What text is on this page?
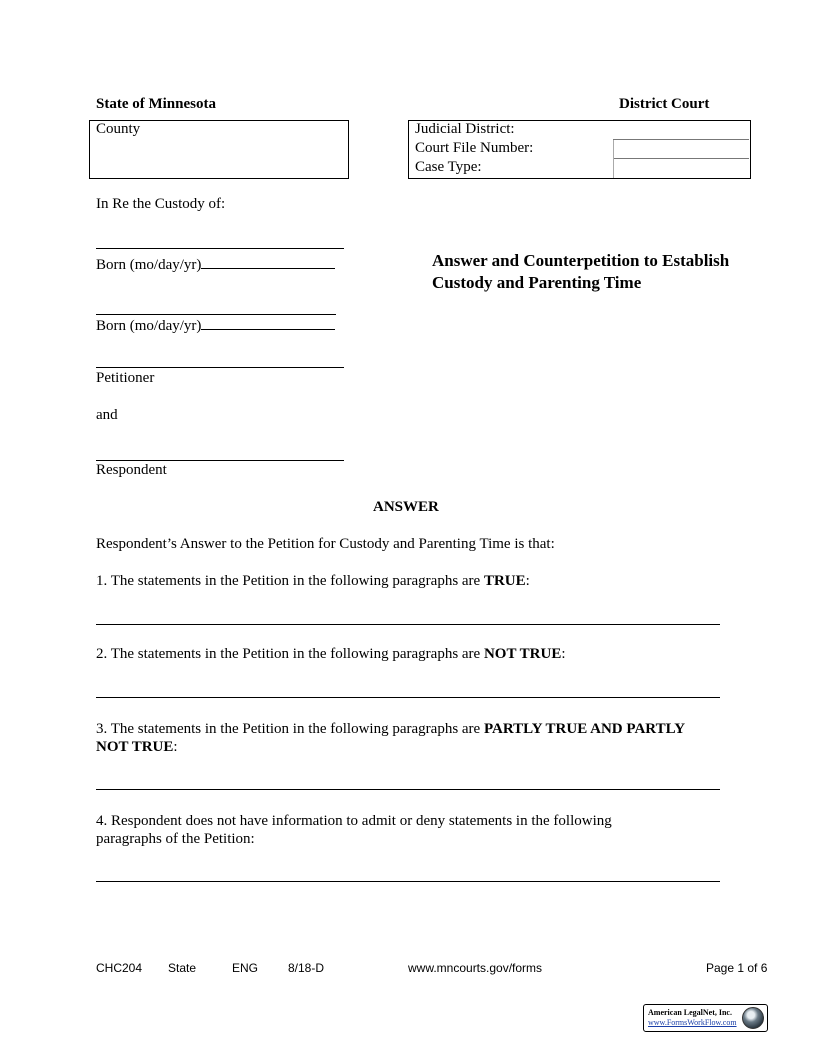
State of Minnesota	District Court
County	Judicial District:
Court File Number:
Case Type:
In Re the Custody of:
Born (mo/day/yr)
Born (mo/day/yr)
Petitioner
and
Respondent
Answer and Counterpetition to Establish Custody and Parenting Time
ANSWER
Respondent’s Answer to the Petition for Custody and Parenting Time is that:
1. The statements in the Petition in the following paragraphs are TRUE:
2. The statements in the Petition in the following paragraphs are NOT TRUE:
3. The statements in the Petition in the following paragraphs are PARTLY TRUE AND PARTLY NOT TRUE:
4. Respondent does not have information to admit or deny statements in the following paragraphs of the Petition:
CHC204 State	ENG 8/18-D	www.mncourts.gov/forms	Page 1 of 6
American LegalNet, Inc.
www.FormsWorkFlow.com
